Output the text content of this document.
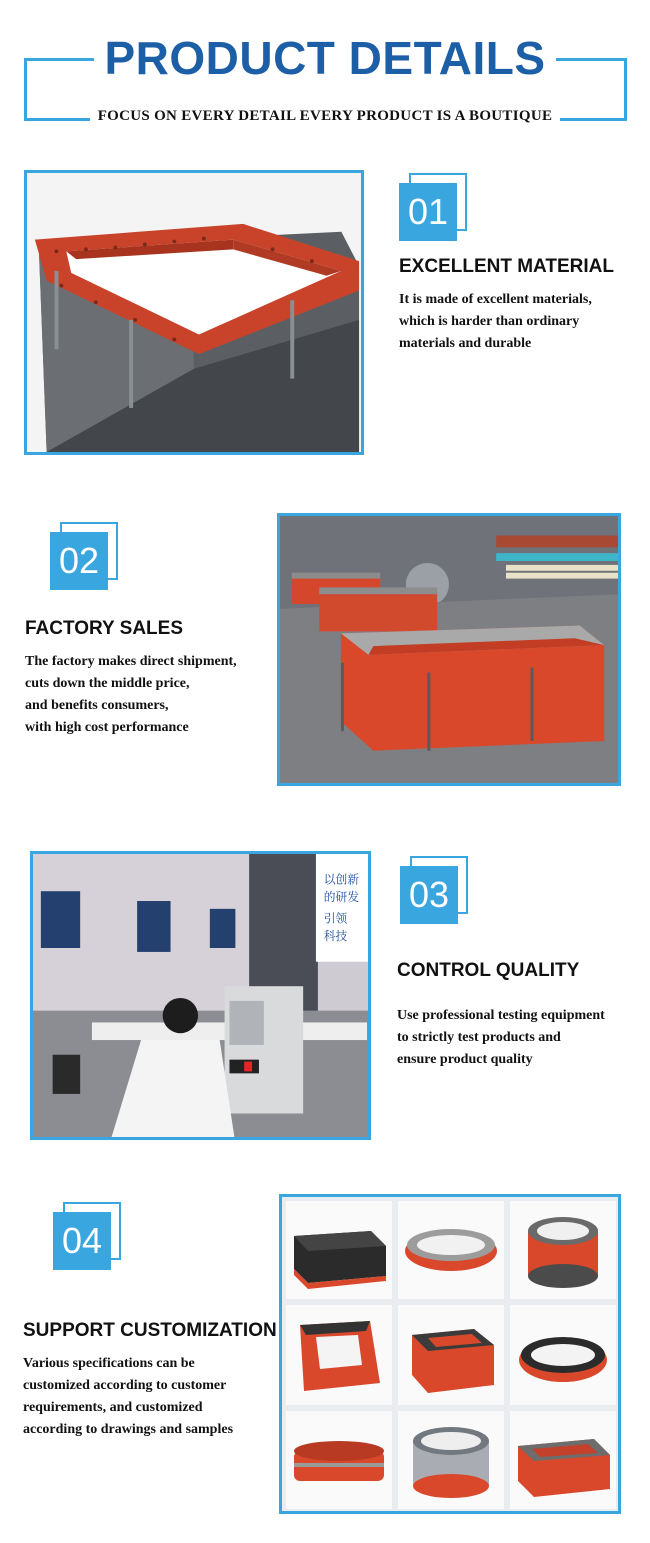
PRODUCT DETAILS
FOCUS ON EVERY DETAIL EVERY PRODUCT IS A BOUTIQUE
01
EXCELLENT MATERIAL
It is made of excellent materials,
which is harder than ordinary
materials and durable
02
FACTORY SALES
The factory makes direct shipment,
cuts down the middle price,
and benefits consumers,
with high cost performance
以创新
的研发
引领
科技
03
CONTROL QUALITY
Use professional testing equipment
to strictly test products and
ensure product quality
04
SUPPORT CUSTOMIZATION
Various specifications can be
customized according to customer
requirements, and customized
according to drawings and samples
